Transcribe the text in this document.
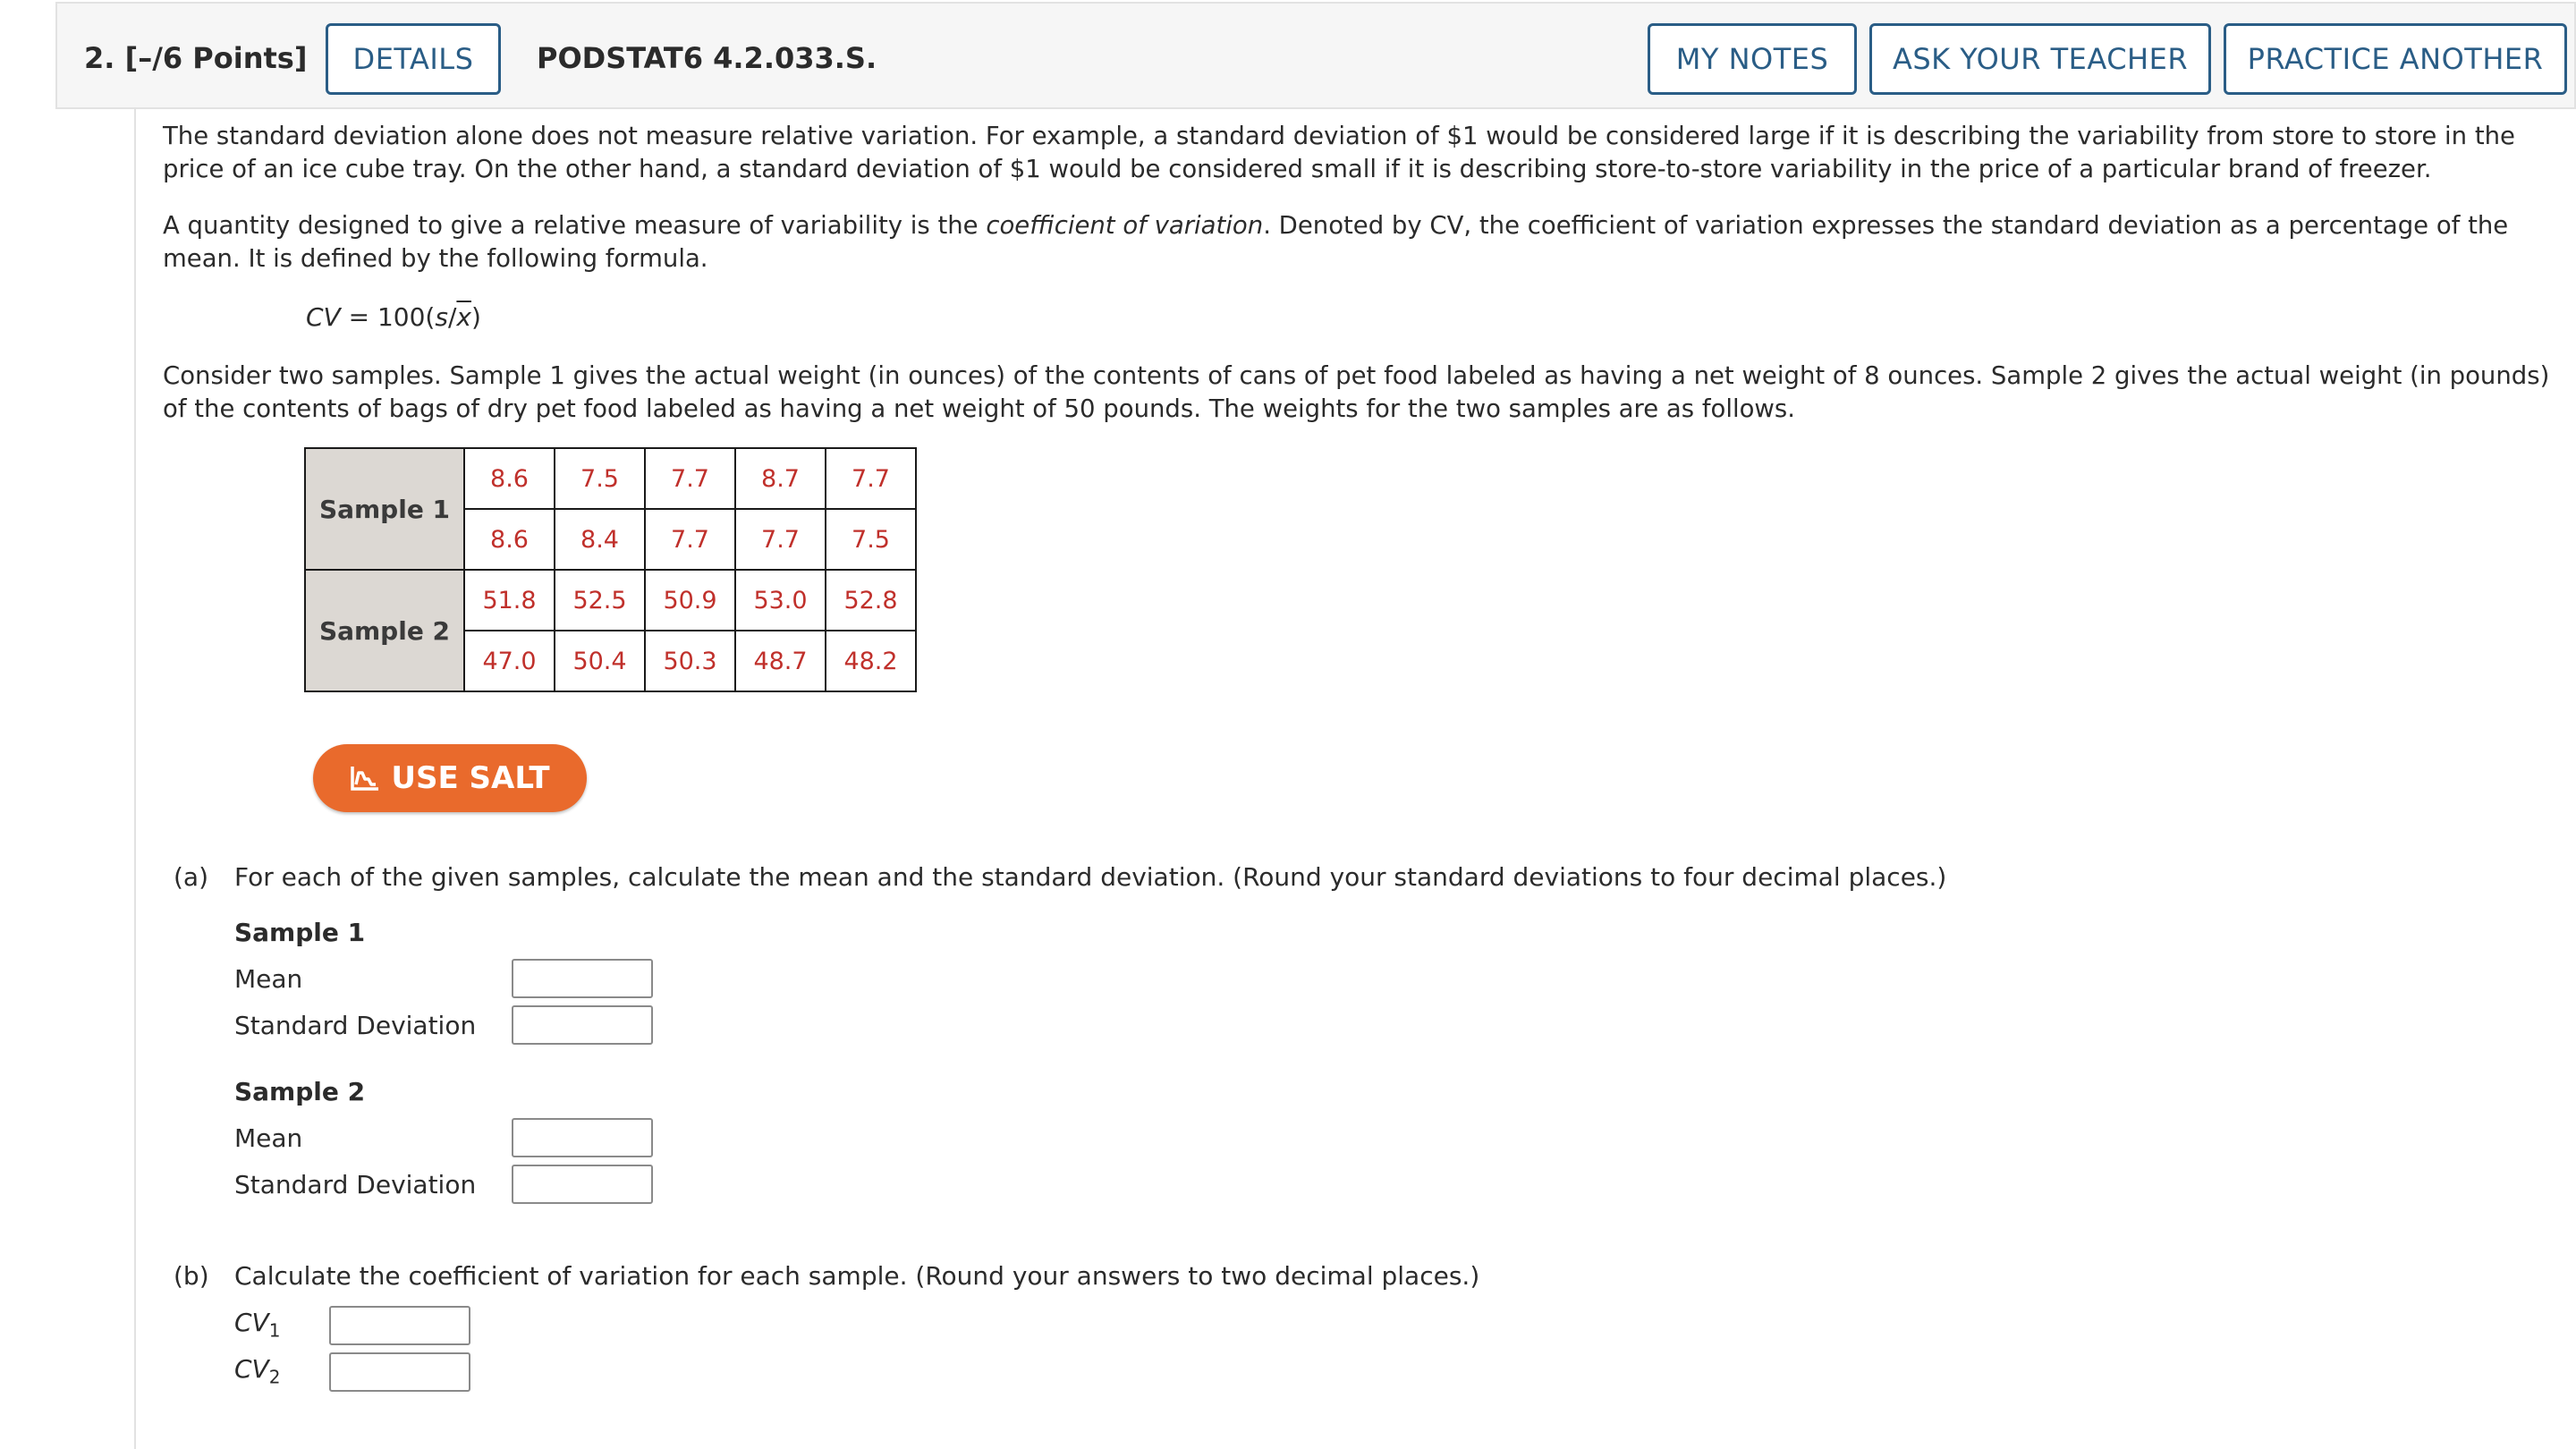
2. [–/6 Points]	DETAILS	PODSTAT6 4.2.033.S.	MY NOTES	ASK YOUR TEACHER	PRACTICE ANOTHER
The standard deviation alone does not measure relative variation. For example, a standard deviation of $1 would be considered large if it is describing the variability from store to store in the price of an ice cube tray. On the other hand, a standard deviation of $1 would be considered small if it is describing store-to-store variability in the price of a particular brand of freezer.
A quantity designed to give a relative measure of variability is the coefficient of variation. Denoted by CV, the coefficient of variation expresses the standard deviation as a percentage of the mean. It is defined by the following formula.
CV = $100(s/\overline{x})$
Consider two samples. Sample 1 gives the actual weight (in ounces) of the contents of cans of pet food labeled as having a net weight of 8 ounces. Sample 2 gives the actual weight (in pounds) of the contents of bags of dry pet food labeled as having a net weight of 50 pounds. The weights for the two samples are as follows.
Sample 1	8.6	7.5	7.7	8.7	7.7
	8.6	8.4	7.7	7.7	7.5
Sample 2	51.8	52.5	50.9	53.0	52.8
	47.0	50.4	50.3	48.7	48.2
USE SALT
(a) For each of the given samples, calculate the mean and the standard deviation. (Round your standard deviations to four decimal places.)
Sample 1
Mean
Standard Deviation
Sample 2
Mean
Standard Deviation
(b) Calculate the coefficient of variation for each sample. (Round your answers to two decimal places.)
$CV_1$
$CV_2$
